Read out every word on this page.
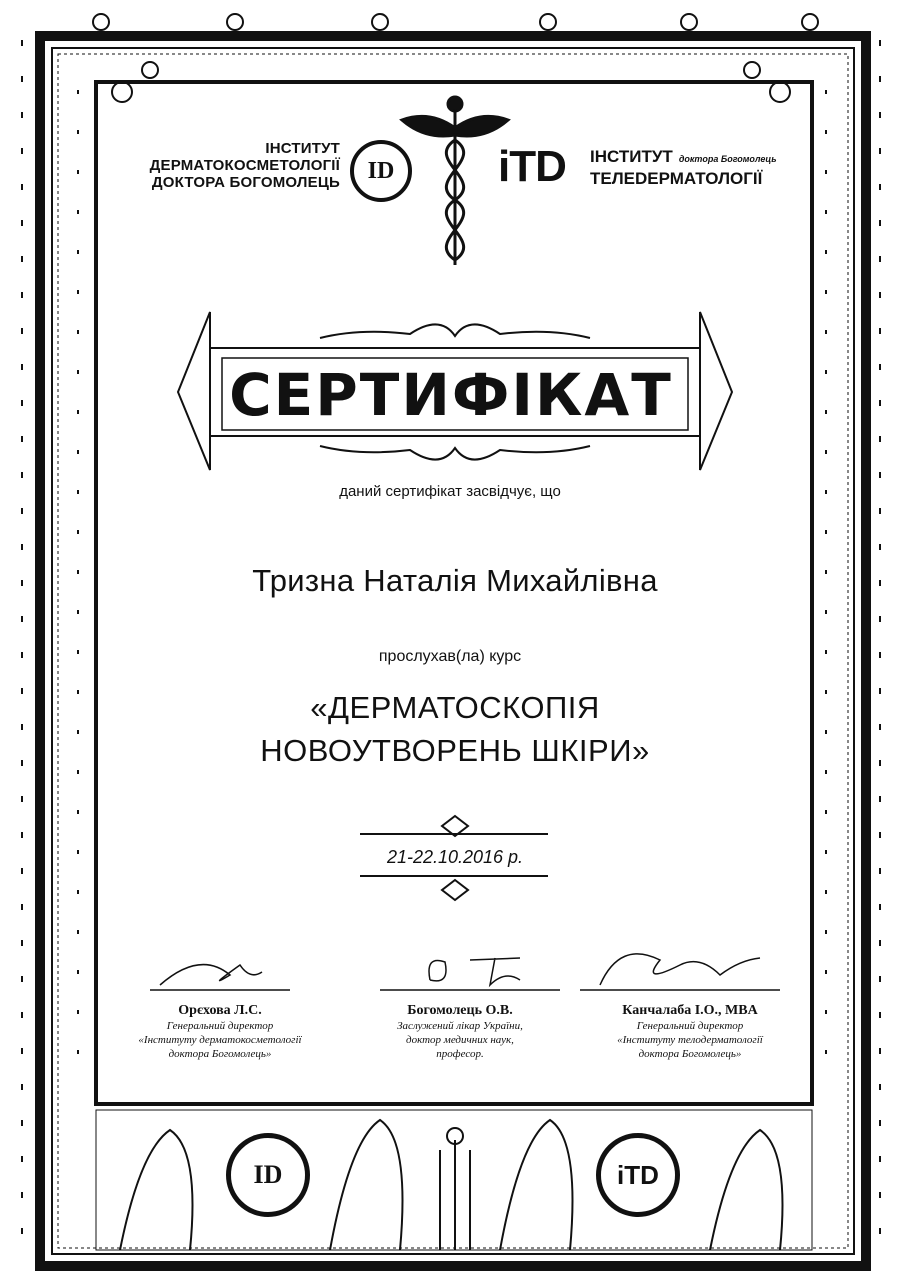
ІНСТИТУТ
ДЕРМАТОКОСМЕТОЛОГІЇ
ДОКТОРА БОГОМОЛЕЦЬ ID iTD ІНСТИТУТ доктора Богомолець
ТЕЛЕDЕРМАТОЛОГІЇ
СЕРТИФІКАТ
даний сертифікат засвідчує, що
Тризна Наталія Михайлівна
прослухав(ла) курс
«ДЕРМАТОСКОПІЯ
НОВОУТВОРЕНЬ ШКІРИ»
21-22.10.2016 р.
Орєхова Л.С.
Генеральний директор
«Інституту дерматокосметології
доктора Богомолець»
Богомолець О.В.
Заслужений лікар України,
доктор медичних наук,
професор.
Канчалаба І.О., MBA
Генеральний директор
«Інституту телодерматології
доктора Богомолець»
ID	iTD
